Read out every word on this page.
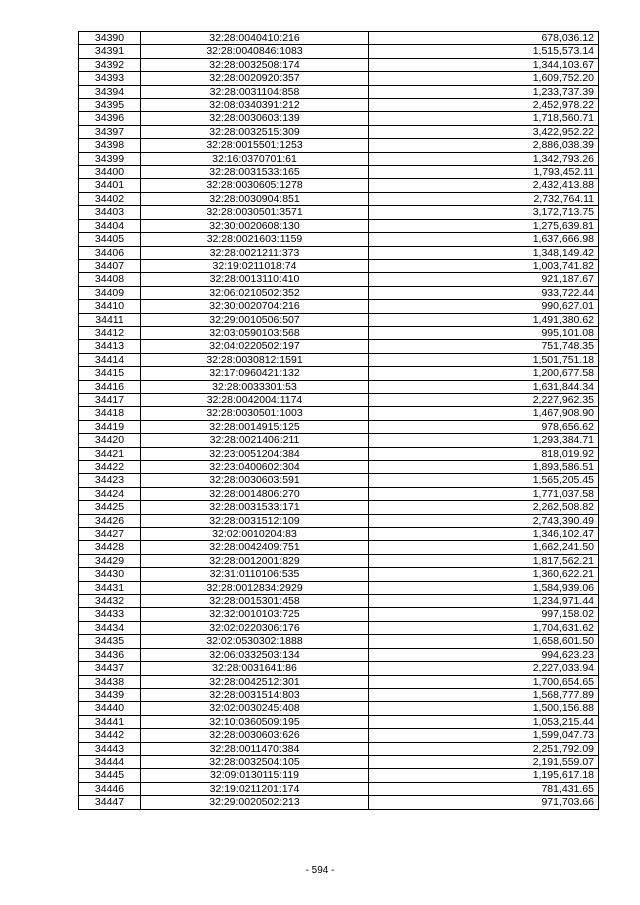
34390	32:28:0040410:216	678,036.12
34391	32:28:0040846:1083	1,515,573.14
34392	32:28:0032508:174	1,344,103.67
34393	32:28:0020920:357	1,609,752.20
34394	32:28:0031104:858	1,233,737.39
34395	32:08:0340391:212	2,452,978.22
34396	32:28:0030603:139	1,718,560.71
34397	32:28:0032515:309	3,422,952.22
34398	32:28:0015501:1253	2,886,038.39
34399	32:16:0370701:61	1,342,793.26
34400	32:28:0031533:165	1,793,452.11
34401	32:28:0030605:1278	2,432,413.88
34402	32:28:0030904:851	2,732,764.11
34403	32:28:0030501:3571	3,172,713.75
34404	32:30:0020608:130	1,275,639.81
34405	32:28:0021603:1159	1,637,666.98
34406	32:28:0021211:373	1,348,149.42
34407	32:19:0211018:74	1,003,741.82
34408	32:28:0013110:410	921,187.67
34409	32:06:0210502:352	933,722.44
34410	32:30:0020704:216	990,627.01
34411	32:29:0010506:507	1,491,380.62
34412	32:03:0590103:568	995,101.08
34413	32:04:0220502:197	751,748.35
34414	32:28:0030812:1591	1,501,751.18
34415	32:17:0960421:132	1,200,677.58
34416	32:28:0033301:53	1,631,844.34
34417	32:28:0042004:1174	2,227,962.35
34418	32:28:0030501:1003	1,467,908.90
34419	32:28:0014915:125	978,656.62
34420	32:28:0021406:211	1,293,384.71
34421	32:23:0051204:384	818,019.92
34422	32:23:0400602:304	1,893,586.51
34423	32:28:0030603:591	1,565,205.45
34424	32:28:0014806:270	1,771,037.58
34425	32:28:0031533:171	2,262,508.82
34426	32:28:0031512:109	2,743,390.49
34427	32:02:0010204:83	1,346,102.47
34428	32:28:0042409:751	1,662,241.50
34429	32:28:0012001:829	1,817,562.21
34430	32:31:0110106:535	1,360,622.21
34431	32:28:0012834:2929	1,584,939.06
34432	32:28:0015301:458	1,234,971.44
34433	32:32:0010103:725	997,158.02
34434	32:02:0220306:176	1,704,631.62
34435	32:02:0530302:1888	1,658,601.50
34436	32:06:0332503:134	994,623.23
34437	32:28:0031641:86	2,227,033.94
34438	32:28:0042512:301	1,700,654.65
34439	32:28:0031514:803	1,568,777.89
34440	32:02:0030245:408	1,500,156.88
34441	32:10:0360509:195	1,053,215.44
34442	32:28:0030603:626	1,599,047.73
34443	32:28:0011470:384	2,251,792.09
34444	32:28:0032504:105	2,191,559.07
34445	32:09:0130115:119	1,195,617.18
34446	32:19:0211201:174	781,431.65
34447	32:29:0020502:213	971,703.66
- 594 -
